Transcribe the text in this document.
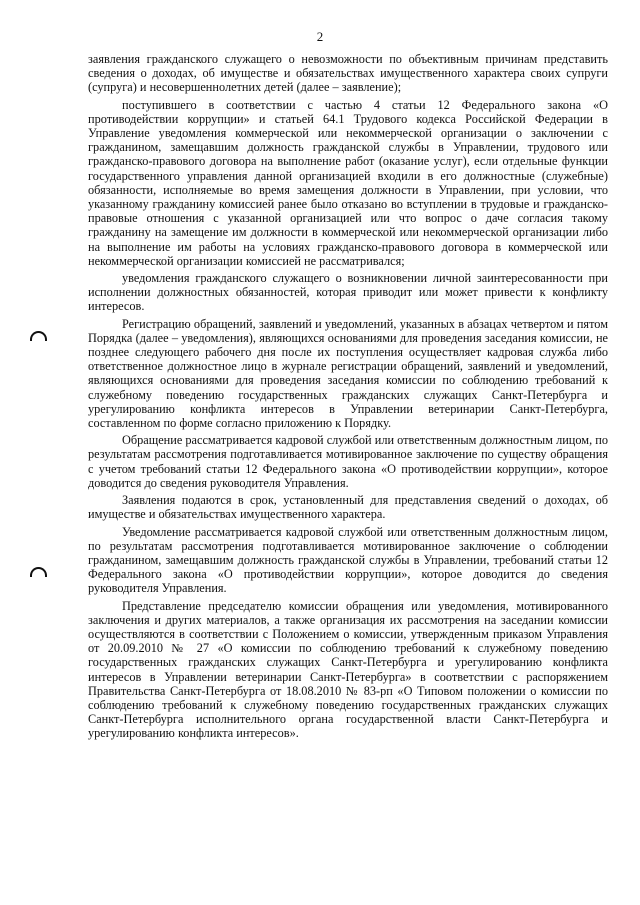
2

заявления гражданского служащего о невозможности по объективным причинам представить сведения о доходах, об имуществе и обязательствах имущественного характера своих супруги (супруга) и несовершеннолетних детей (далее – заявление);

поступившего в соответствии с частью 4 статьи 12 Федерального закона «О противодействии коррупции» и статьей 64.1 Трудового кодекса Российской Федерации в Управление уведомления коммерческой или некоммерческой организации о заключении с гражданином, замещавшим должность гражданской службы в Управлении, трудового или гражданско-правового договора на выполнение работ (оказание услуг), если отдельные функции государственного управления данной организацией входили в его должностные (служебные) обязанности, исполняемые во время замещения должности в Управлении, при условии, что указанному гражданину комиссией ранее было отказано во вступлении в трудовые и гражданско-правовые отношения с указанной организацией или что вопрос о даче согласия такому гражданину на замещение им должности в коммерческой или некоммерческой организации либо на выполнение им работы на условиях гражданско-правового договора в коммерческой или некоммерческой организации комиссией не рассматривался;

уведомления гражданского служащего о возникновении личной заинтересованности при исполнении должностных обязанностей, которая приводит или может привести к конфликту интересов.

Регистрацию обращений, заявлений и уведомлений, указанных в абзацах четвертом и пятом Порядка (далее – уведомления), являющихся основаниями для проведения заседания комиссии, не позднее следующего рабочего дня после их поступления осуществляет кадровая служба либо ответственное должностное лицо в журнале регистрации обращений, заявлений и уведомлений, являющихся основаниями для проведения заседания комиссии по соблюдению требований к служебному поведению государственных гражданских служащих Санкт-Петербурга и урегулированию конфликта интересов в Управлении ветеринарии Санкт-Петербурга, составленном по форме согласно приложению к Порядку.

Обращение рассматривается кадровой службой или ответственным должностным лицом, по результатам рассмотрения подготавливается мотивированное заключение по существу обращения с учетом требований статьи 12 Федерального закона «О противодействии коррупции», которое доводится до сведения руководителя Управления.

Заявления подаются в срок, установленный для представления сведений о доходах, об имуществе и обязательствах имущественного характера.

Уведомление рассматривается кадровой службой или ответственным должностным лицом, по результатам рассмотрения подготавливается мотивированное заключение о соблюдении гражданином, замещавшим должность гражданской службы в Управлении, требований статьи 12 Федерального закона «О противодействии коррупции», которое доводится до сведения руководителя Управления.

Представление председателю комиссии обращения или уведомления, мотивированного заключения и других материалов, а также организация их рассмотрения на заседании комиссии осуществляются в соответствии с Положением о комиссии, утвержденным приказом Управления от 20.09.2010 № 27 «О комиссии по соблюдению требований к служебному поведению государственных гражданских служащих Санкт-Петербурга и урегулированию конфликта интересов в Управлении ветеринарии Санкт-Петербурга» в соответствии с распоряжением Правительства Санкт-Петербурга от 18.08.2010 № 83-рп «О Типовом положении о комиссии по соблюдению требований к служебному поведению государственных гражданских служащих Санкт-Петербурга исполнительного органа государственной власти Санкт-Петербурга и урегулированию конфликта интересов».
